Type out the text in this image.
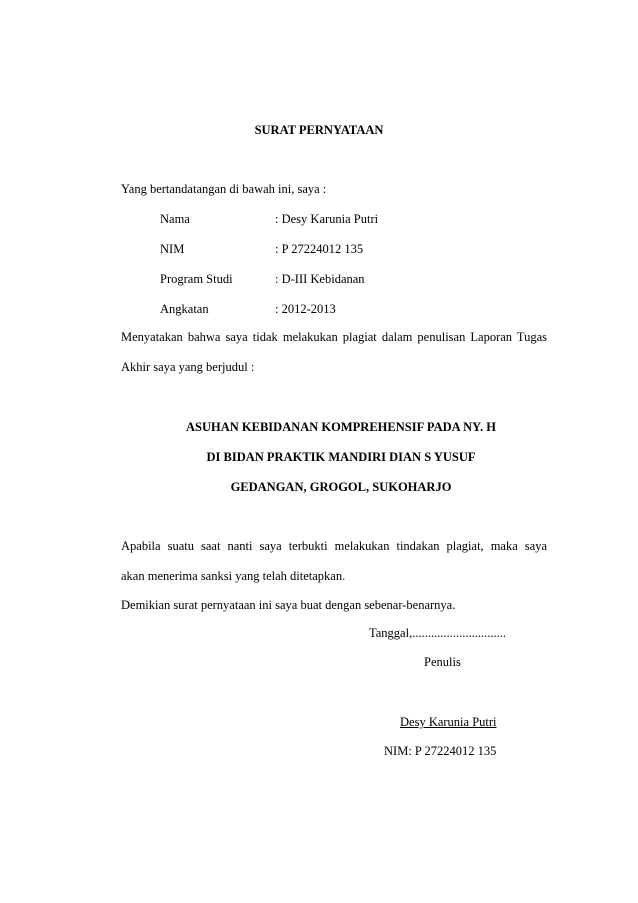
SURAT PERNYATAAN
Yang bertandatangan di bawah ini, saya :
Nama	: Desy Karunia Putri
NIM	: P 27224012 135
Program Studi	: D-III Kebidanan
Angkatan	: 2012-2013
Menyatakan bahwa saya tidak melakukan plagiat dalam penulisan Laporan Tugas
Akhir saya yang berjudul :
ASUHAN KEBIDANAN KOMPREHENSIF PADA NY. H
DI BIDAN PRAKTIK MANDIRI DIAN S YUSUF
GEDANGAN, GROGOL, SUKOHARJO
Apabila suatu saat nanti saya terbukti melakukan tindakan plagiat, maka saya
akan menerima sanksi yang telah ditetapkan.
Demikian surat pernyataan ini saya buat dengan sebenar-benarnya.
Tanggal,..............................
Penulis
Desy Karunia Putri
NIM: P 27224012 135
